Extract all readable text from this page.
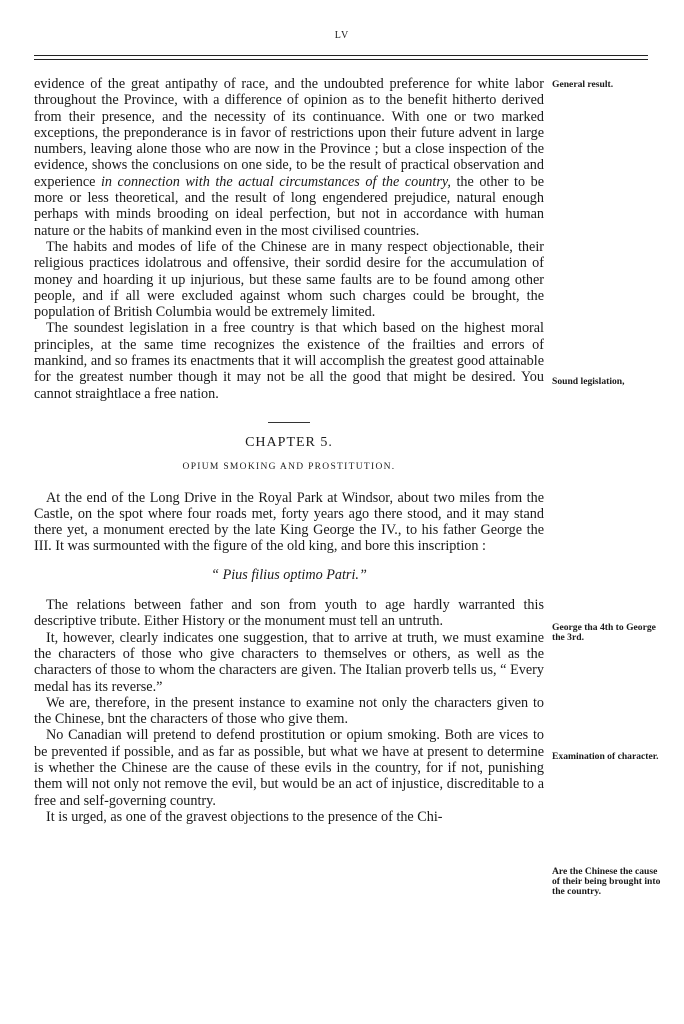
LV

evidence of the great antipathy of race, and the undoubted preference for white labor throughout the Province, with a difference of opinion as to the benefit hitherto derived from their presence, and the necessity of its continuance. With one or two marked exceptions, the preponderance is in favor of restrictions upon their future advent in large numbers, leaving alone those who are now in the Province ; but a close inspection of the evidence, shows the conclusions on one side, to be the result of practical observation and experience in connection with the actual circumstances of the country, the other to be more or less theoretical, and the result of long engendered prejudice, natural enough perhaps with minds brooding on ideal perfection, but not in accordance with human nature or the habits of mankind even in the most civilised countries.

The habits and modes of life of the Chinese are in many respect objectionable, their religious practices idolatrous and offensive, their sordid desire for the accumulation of money and hoarding it up injurious, but these same faults are to be found among other people, and if all were excluded against whom such charges could be brought, the population of British Columbia would be extremely limited.

The soundest legislation in a free country is that which based on the highest moral principles, at the same time recognizes the existence of the frailties and errors of mankind, and so frames its enactments that it will accomplish the greatest good attainable for the greatest number though it may not be all the good that might be desired. You cannot straightlace a free nation.

CHAPTER 5.
OPIUM SMOKING AND PROSTITUTION.

At the end of the Long Drive in the Royal Park at Windsor, about two miles from the Castle, on the spot where four roads met, forty years ago there stood, and it may stand there yet, a monument erected by the late King George the IV., to his father George the III. It was surmounted with the figure of the old king, and bore this inscription :

“ Pius filius optimo Patri.”

The relations between father and son from youth to age hardly warranted this descriptive tribute. Either History or the monument must tell an untruth.

It, however, clearly indicates one suggestion, that to arrive at truth, we must examine the characters of those who give characters to themselves or others, as well as the characters of those to whom the characters are given. The Italian proverb tells us, “ Every medal has its reverse.”

We are, therefore, in the present instance to examine not only the characters given to the Chinese, bnt the characters of those who give them.

No Canadian will pretend to defend prostitution or opium smoking. Both are vices to be prevented if possible, and as far as possible, but what we have at present to determine is whether the Chinese are the cause of these evils in the country, for if not, punishing them will not only not remove the evil, but would be an act of injustice, discreditable to a free and self-governing country.

It is urged, as one of the gravest objections to the presence of the Chi-

General result.
Sound legislation,
George tha 4th to George the 3rd.
Examination of character.
Are the Chinese the cause of their being brought into the country.
